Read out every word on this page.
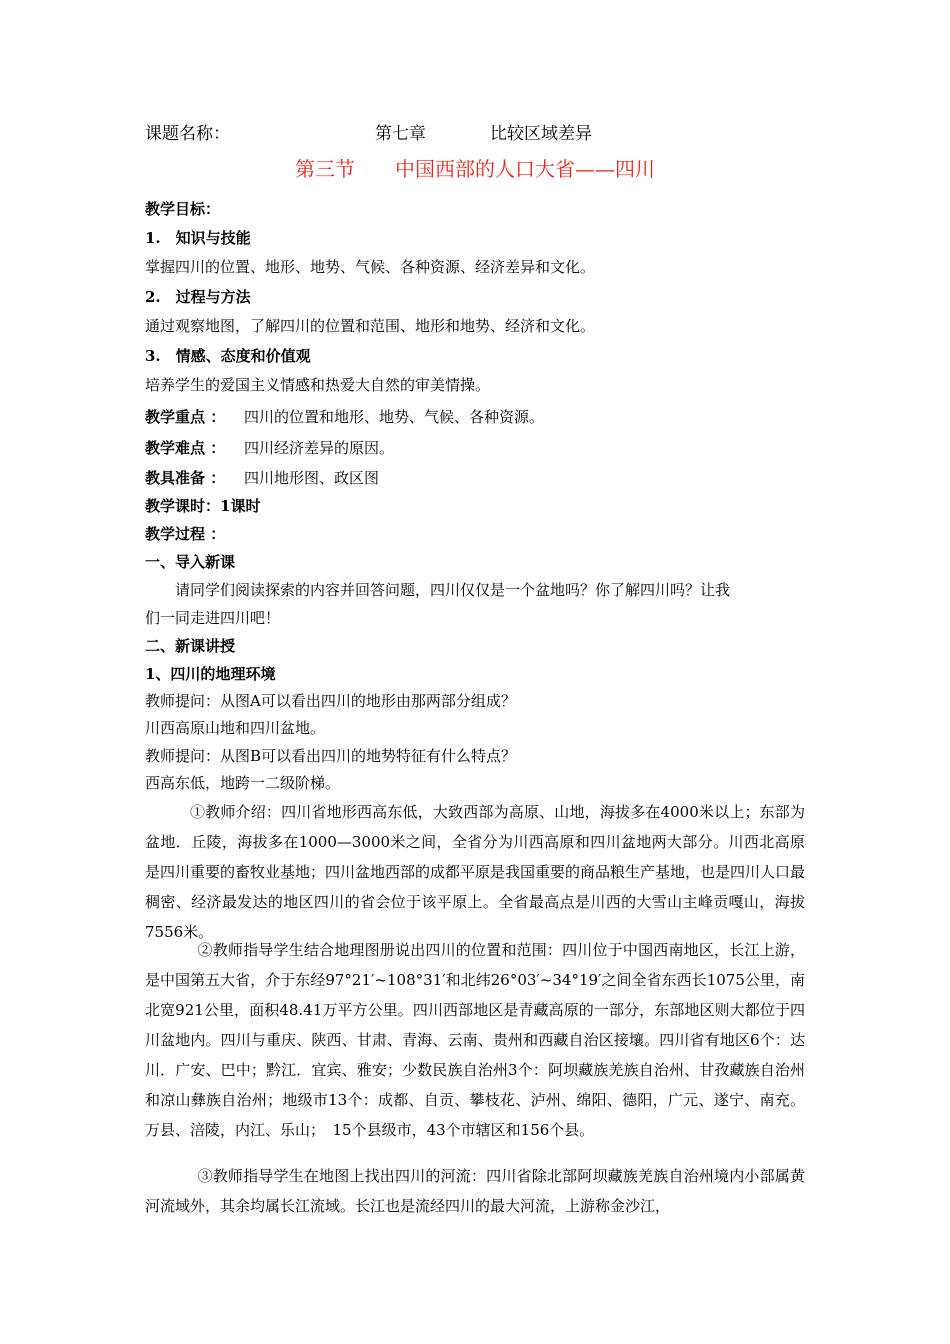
课题名称：	第七章	比较区域差异
第三节　　中国西部的人口大省——四川
教学目标：
1.　知识与技能
掌握四川的位置、地形、地势、气候、各种资源、经济差异和文化。
2.　过程与方法
通过观察地图，了解四川的位置和范围、地形和地势、经济和文化。
3.　情感、态度和价值观
培养学生的爱国主义情感和热爱大自然的审美情操。
教学重点 ： 四川的位置和地形、地势、气候、各种资源。
教学难点 ： 四川经济差异的原因。
教具准备 ： 四川地形图、政区图
教学课时：1课时
教学过程 ：
一、导入新课
请同学们阅读探索的内容并回答问题，四川仅仅是一个盆地吗？你了解四川吗？让我
们一同走进四川吧！
二、新课讲授
1、四川的地理环境
教师提问：从图A可以看出四川的地形由那两部分组成？
川西高原山地和四川盆地。
教师提问：从图B可以看出四川的地势特征有什么特点？
西高东低，地跨一二级阶梯。
①教师介绍：四川省地形西高东低，大致西部为高原、山地，海拔多在4000米以上；东部为盆地．丘陵，海拔多在1000—3000米之间，全省分为川西高原和四川盆地两大部分。川西北高原是四川重要的畜牧业基地；四川盆地西部的成都平原是我国重要的商品粮生产基地，也是四川人口最稠密、经济最发达的地区四川的省会位于该平原上。全省最高点是川西的大雪山主峰贡嘎山，海拔7556米。
②教师指导学生结合地理图册说出四川的位置和范围：四川位于中国西南地区，长江上游，是中国第五大省，介于东经97°21′~108°31′和北纬26°03′~34°19′之间全省东西长1075公里，南北宽921公里，面积48.41万平方公里。四川西部地区是青藏高原的一部分，东部地区则大都位于四川盆地内。四川与重庆、陕西、甘肃、青海、云南、贵州和西藏自治区接壤。四川省有地区6个：达川．广安、巴中；黔江．宜宾、雅安；少数民族自治州3个：阿坝藏族羌族自治州、甘孜藏族自治州和凉山彝族自治州；地级市13个：成都、自贡、攀枝花、泸州、绵阳、德阳，广元、遂宁、南充。万县、涪陵，内江、乐山；　15个县级市，43个市辖区和156个县。
③教师指导学生在地图上找出四川的河流：四川省除北部阿坝藏族羌族自治州境内小部属黄河流域外，其余均属长江流域。长江也是流经四川的最大河流，上游称金沙江，
